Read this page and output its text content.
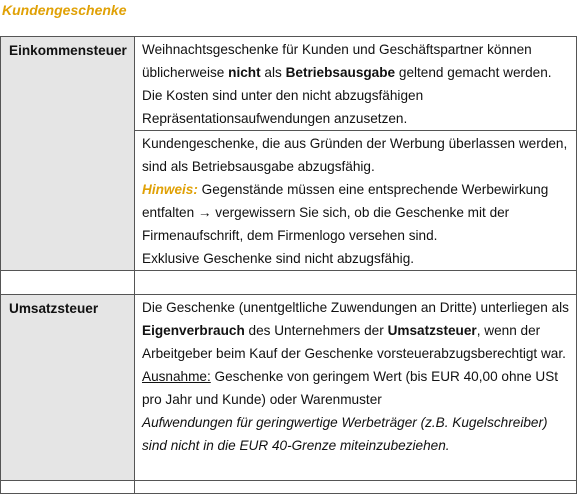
Kundengeschenke
Einkommensteuer	Weihnachtsgeschenke für Kunden und Geschäftspartner können üblicherweise nicht als Betriebsausgabe geltend gemacht werden. Die Kosten sind unter den nicht abzugsfähigen Repräsentationsaufwendungen anzusetzen.

	Kundengeschenke, die aus Gründen der Werbung überlassen werden, sind als Betriebsausgabe abzugsfähig.
Hinweis: Gegenstände müssen eine entsprechende Werbewirkung entfalten → vergewissern Sie sich, ob die Geschenke mit der Firmenaufschrift, dem Firmenlogo versehen sind.
Exklusive Geschenke sind nicht abzugsfähig.

Umsatzsteuer	Die Geschenke (unentgeltliche Zuwendungen an Dritte) unterliegen als Eigenverbrauch des Unternehmers der Umsatzsteuer, wenn der Arbeitgeber beim Kauf der Geschenke vorsteuerabzugsberechtigt war.
Ausnahme: Geschenke von geringem Wert (bis EUR 40,00 ohne USt pro Jahr und Kunde) oder Warenmuster
Aufwendungen für geringwertige Werbeträger (z.B. Kugelschreiber) sind nicht in die EUR 40-Grenze miteinzubeziehen.
